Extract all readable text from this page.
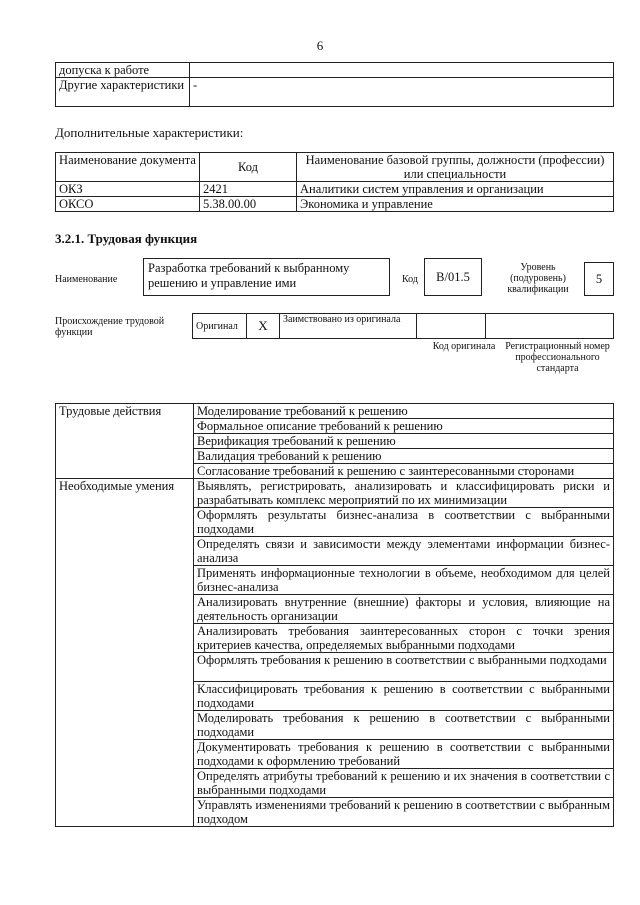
6
допуска к работе	
Другие характеристики	-
Дополнительные характеристики:
Наименование документа	Код	Наименование базовой группы, должности (профессии) или специальности
ОКЗ	2421	Аналитики систем управления и организации
ОКСО	5.38.00.00	Экономика и управление
3.2.1. Трудовая функция
Наименование
Разработка требований к выбранному решению и управление ими	Код	B/01.5
Уровень (подуровень) квалификации
5
Происхождение трудовой функции
Оригинал	X	Заимствовано из оригинала		
Код оригинала Регистрационный номер профессионального стандарта
Трудовые действия	Моделирование требований к решению
	Формальное описание требований к решению
	Верификация требований к решению
	Валидация требований к решению
	Согласование требований к решению с заинтересованными сторонами
Необходимые умения	Выявлять, регистрировать, анализировать и классифицировать риски и разрабатывать комплекс мероприятий по их минимизации
	Оформлять результаты бизнес-анализа в соответствии с выбранными подходами
	Определять связи и зависимости между элементами информации бизнес-анализа
	Применять информационные технологии в объеме, необходимом для целей бизнес-анализа
	Анализировать внутренние (внешние) факторы и условия, влияющие на деятельность организации
	Анализировать требования заинтересованных сторон с точки зрения критериев качества, определяемых выбранными подходами
	Оформлять требования к решению в соответствии с выбранными подходами
	Классифицировать требования к решению в соответствии с выбранными подходами
	Моделировать требования к решению в соответствии с выбранными подходами
	Документировать требования к решению в соответствии с выбранными подходами к оформлению требований
	Определять атрибуты требований к решению и их значения в соответствии с выбранными подходами
	Управлять изменениями требований к решению в соответствии с выбранным подходом
